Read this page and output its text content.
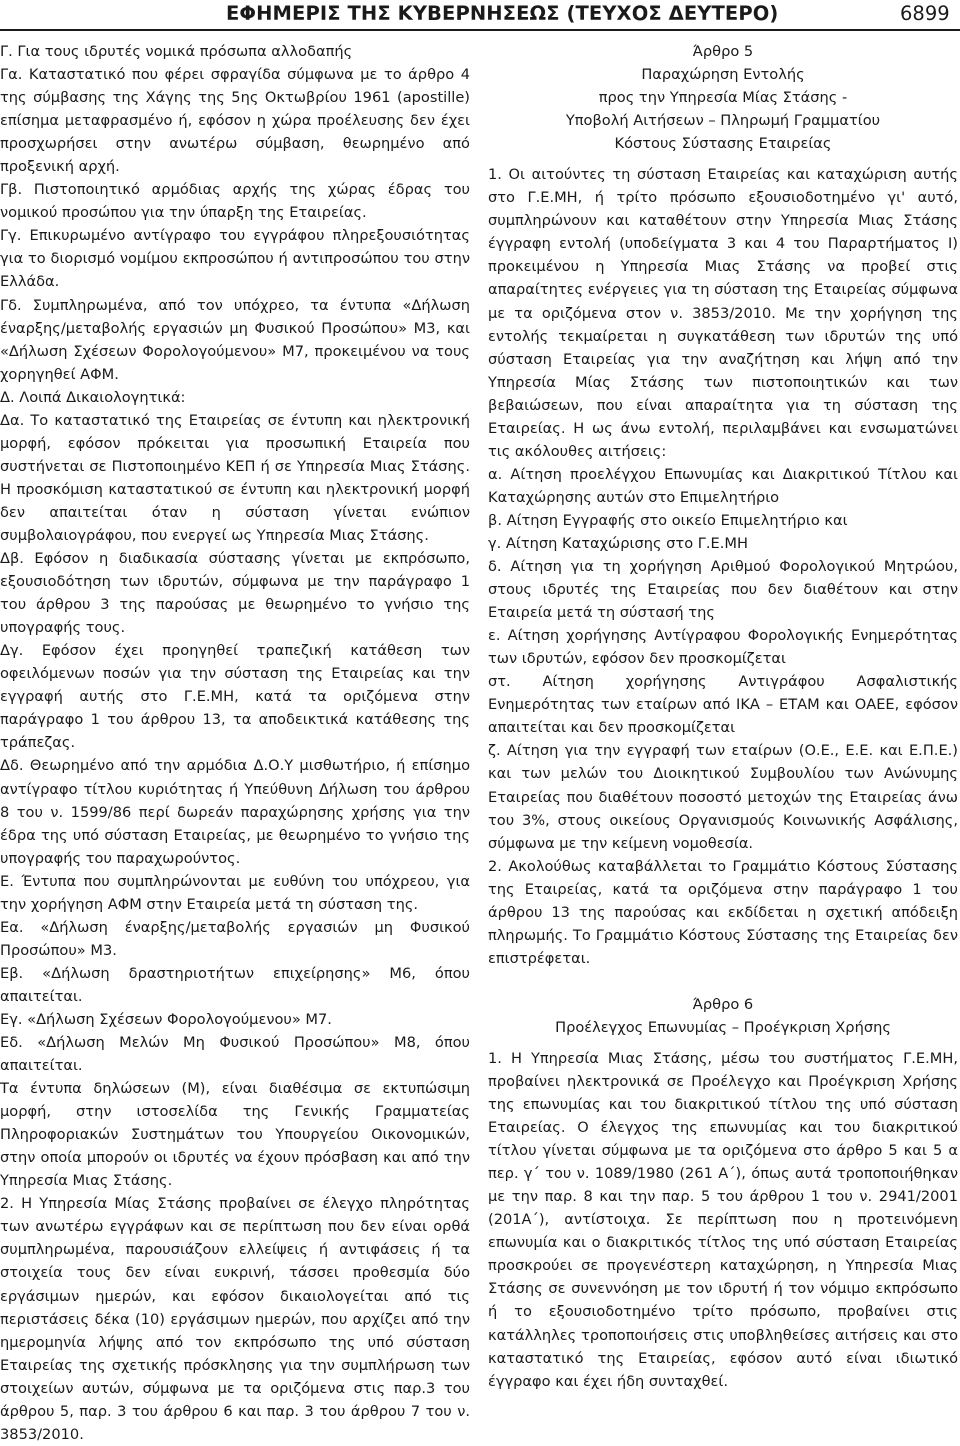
ΕΦΗΜΕΡΙΣ ΤΗΣ ΚΥΒΕΡΝΗΣΕΩΣ (ΤΕΥΧΟΣ ΔΕΥΤΕΡΟ)	6899

Γ. Για τους ιδρυτές νομικά πρόσωπα αλλοδαπής

Γα. Καταστατικό που φέρει σφραγίδα σύμφωνα με το άρθρο 4 της σύμβασης της Χάγης της 5ης Οκτωβρίου 1961 (apostille) επίσημα μεταφρασμένο ή, εφόσον η χώρα προέλευσης δεν έχει προσχωρήσει στην ανωτέρω σύμβαση, θεωρημένο από προξενική αρχή.

Γβ. Πιστοποιητικό αρμόδιας αρχής της χώρας έδρας του νομικού προσώπου για την ύπαρξη της Εταιρείας.

Γγ. Επικυρωμένο αντίγραφο του εγγράφου πληρεξουσιότητας για το διορισμό νομίμου εκπροσώπου ή αντιπροσώπου του στην Ελλάδα.

Γδ. Συμπληρωμένα, από τον υπόχρεο, τα έντυπα «Δήλωση έναρξης/μεταβολής εργασιών μη Φυσικού Προσώπου» Μ3, και «Δήλωση Σχέσεων Φορολογούμενου» Μ7, προκειμένου να τους χορηγηθεί ΑΦΜ.

Δ. Λοιπά Δικαιολογητικά:

Δα. Το καταστατικό της Εταιρείας σε έντυπη και ηλεκτρονική μορφή, εφόσον πρόκειται για προσωπική Εταιρεία που συστήνεται σε Πιστοποιημένο ΚΕΠ ή σε Υπηρεσία Μιας Στάσης. Η προσκόμιση καταστατικού σε έντυπη και ηλεκτρονική μορφή δεν απαιτείται όταν η σύσταση γίνεται ενώπιον συμβολαιογράφου, που ενεργεί ως Υπηρεσία Μιας Στάσης.

Δβ. Εφόσον η διαδικασία σύστασης γίνεται με εκπρόσωπο, εξουσιοδότηση των ιδρυτών, σύμφωνα με την παράγραφο 1 του άρθρου 3 της παρούσας με θεωρημένο το γνήσιο της υπογραφής τους.

Δγ. Εφόσον έχει προηγηθεί τραπεζική κατάθεση των οφειλόμενων ποσών για την σύσταση της Εταιρείας και την εγγραφή αυτής στο Γ.Ε.ΜΗ, κατά τα οριζόμενα στην παράγραφο 1 του άρθρου 13, τα αποδεικτικά κατάθεσης της τράπεζας.

Δδ. Θεωρημένο από την αρμόδια Δ.Ο.Υ μισθωτήριο, ή επίσημο αντίγραφο τίτλου κυριότητας ή Υπεύθυνη Δήλωση του άρθρου 8 του ν. 1599/86 περί δωρεάν παραχώρησης χρήσης για την έδρα της υπό σύσταση Εταιρείας, με θεωρημένο το γνήσιο της υπογραφής του παραχωρούντος.

Ε. Έντυπα που συμπληρώνονται με ευθύνη του υπόχρεου, για την χορήγηση ΑΦΜ στην Εταιρεία μετά τη σύσταση της.

Εα. «Δήλωση έναρξης/μεταβολής εργασιών μη Φυσικού Προσώπου» Μ3.

Εβ. «Δήλωση δραστηριοτήτων επιχείρησης» Μ6, όπου απαιτείται.

Εγ. «Δήλωση Σχέσεων Φορολογούμενου» Μ7.

Εδ. «Δήλωση Μελών Μη Φυσικού Προσώπου» Μ8, όπου απαιτείται.

Τα έντυπα δηλώσεων (Μ), είναι διαθέσιμα σε εκτυπώσιμη μορφή, στην ιστοσελίδα της Γενικής Γραμματείας Πληροφοριακών Συστημάτων του Υπουργείου Οικονομικών, στην οποία μπορούν οι ιδρυτές να έχουν πρόσβαση και από την Υπηρεσία Μιας Στάσης.

2. Η Υπηρεσία Μίας Στάσης προβαίνει σε έλεγχο πληρότητας των ανωτέρω εγγράφων και σε περίπτωση που δεν είναι ορθά συμπληρωμένα, παρουσιάζουν ελλείψεις ή αντιφάσεις ή τα στοιχεία τους δεν είναι ευκρινή, τάσσει προθεσμία δύο εργάσιμων ημερών, και εφόσον δικαιολογείται από τις περιστάσεις δέκα (10) εργάσιμων ημερών, που αρχίζει από την ημερομηνία λήψης από τον εκπρόσωπο της υπό σύσταση Εταιρείας της σχετικής πρόσκλησης για την συμπλήρωση των στοιχείων αυτών, σύμφωνα με τα οριζόμενα στις παρ.3 του άρθρου 5, παρ. 3 του άρθρου 6 και παρ. 3 του άρθρου 7 του ν. 3853/2010.

Άρθρο 5

Παραχώρηση Εντολής

προς την Υπηρεσία Μίας Στάσης -

Υποβολή Αιτήσεων – Πληρωμή Γραμματίου

Κόστους Σύστασης Εταιρείας

1. Οι αιτούντες τη σύσταση Εταιρείας και καταχώριση αυτής στο Γ.Ε.ΜΗ, ή τρίτο πρόσωπο εξουσιοδοτημένο γι' αυτό, συμπληρώνουν και καταθέτουν στην Υπηρεσία Μιας Στάσης έγγραφη εντολή (υποδείγματα 3 και 4 του Παραρτήματος Ι) προκειμένου η Υπηρεσία Μιας Στάσης να προβεί στις απαραίτητες ενέργειες για τη σύσταση της Εταιρείας σύμφωνα με τα οριζόμενα στον ν. 3853/2010. Με την χορήγηση της εντολής τεκμαίρεται η συγκατάθεση των ιδρυτών της υπό σύσταση Εταιρείας για την αναζήτηση και λήψη από την Υπηρεσία Μίας Στάσης των πιστοποιητικών και των βεβαιώσεων, που είναι απαραίτητα για τη σύσταση της Εταιρείας. Η ως άνω εντολή, περιλαμβάνει και ενσωματώνει τις ακόλουθες αιτήσεις:

α. Αίτηση προελέγχου Επωνυμίας και Διακριτικού Τίτλου και Καταχώρησης αυτών στο Επιμελητήριο

β. Αίτηση Εγγραφής στο οικείο Επιμελητήριο και

γ. Αίτηση Καταχώρισης στο Γ.Ε.ΜΗ

δ. Αίτηση για τη χορήγηση Αριθμού Φορολογικού Μητρώου, στους ιδρυτές της Εταιρείας που δεν διαθέτουν και στην Εταιρεία μετά τη σύστασή της

ε. Αίτηση χορήγησης Αντίγραφου Φορολογικής Ενημερότητας των ιδρυτών, εφόσον δεν προσκομίζεται

στ. Αίτηση χορήγησης Αντιγράφου Ασφαλιστικής Ενημερότητας των εταίρων από ΙΚΑ – ΕΤΑΜ και ΟΑΕΕ, εφόσον απαιτείται και δεν προσκομίζεται

ζ. Αίτηση για την εγγραφή των εταίρων (Ο.Ε., Ε.Ε. και Ε.Π.Ε.) και των μελών του Διοικητικού Συμβουλίου των Ανώνυμης Εταιρείας που διαθέτουν ποσοστό μετοχών της Εταιρείας άνω του 3%, στους οικείους Οργανισμούς Κοινωνικής Ασφάλισης, σύμφωνα με την κείμενη νομοθεσία.

2. Ακολούθως καταβάλλεται το Γραμμάτιο Κόστους Σύστασης της Εταιρείας, κατά τα οριζόμενα στην παράγραφο 1 του άρθρου 13 της παρούσας και εκδίδεται η σχετική απόδειξη πληρωμής. Το Γραμμάτιο Κόστους Σύστασης της Εταιρείας δεν επιστρέφεται.

Άρθρο 6

Προέλεγχος Επωνυμίας – Προέγκριση Χρήσης

1. Η Υπηρεσία Μιας Στάσης, μέσω του συστήματος Γ.Ε.ΜΗ, προβαίνει ηλεκτρονικά σε Προέλεγχο και Προέγκριση Χρήσης της επωνυμίας και του διακριτικού τίτλου της υπό σύσταση Εταιρείας. Ο έλεγχος της επωνυμίας και του διακριτικού τίτλου γίνεται σύμφωνα με τα οριζόμενα στο άρθρο 5 και 5 α περ. γ΄ του ν. 1089/1980 (261 Α΄), όπως αυτά τροποποιήθηκαν με την παρ. 8 και την παρ. 5 του άρθρου 1 του ν. 2941/2001 (201Α΄), αντίστοιχα. Σε περίπτωση που η προτεινόμενη επωνυμία και ο διακριτικός τίτλος της υπό σύσταση Εταιρείας προσκρούει σε προγενέστερη καταχώρηση, η Υπηρεσία Μιας Στάσης σε συνεννόηση με τον ιδρυτή ή τον νόμιμο εκπρόσωπο ή το εξουσιοδοτημένο τρίτο πρόσωπο, προβαίνει στις κατάλληλες τροποποιήσεις στις υποβληθείσες αιτήσεις και στο καταστατικό της Εταιρείας, εφόσον αυτό είναι ιδιωτικό έγγραφο και έχει ήδη συνταχθεί.
